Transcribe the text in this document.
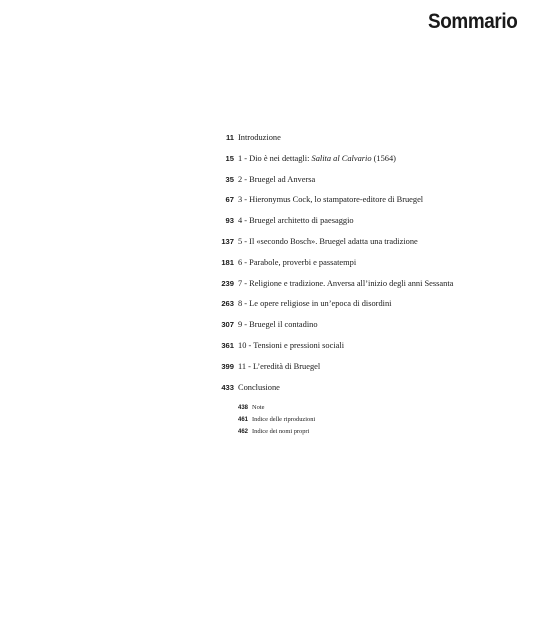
Sommario
11 Introduzione
15 1 - Dio è nei dettagli: Salita al Calvario (1564)
35 2 - Bruegel ad Anversa
67 3 - Hieronymus Cock, lo stampatore-editore di Bruegel
93 4 - Bruegel architetto di paesaggio
137 5 - Il «secondo Bosch». Bruegel adatta una tradizione
181 6 - Parabole, proverbi e passatempi
239 7 - Religione e tradizione. Anversa all’inizio degli anni Sessanta
263 8 - Le opere religiose in un’epoca di disordini
307 9 - Bruegel il contadino
361 10 - Tensioni e pressioni sociali
399 11 - L’eredità di Bruegel
433 Conclusione
438 Note
461 Indice delle riproduzioni
462 Indice dei nomi propri
